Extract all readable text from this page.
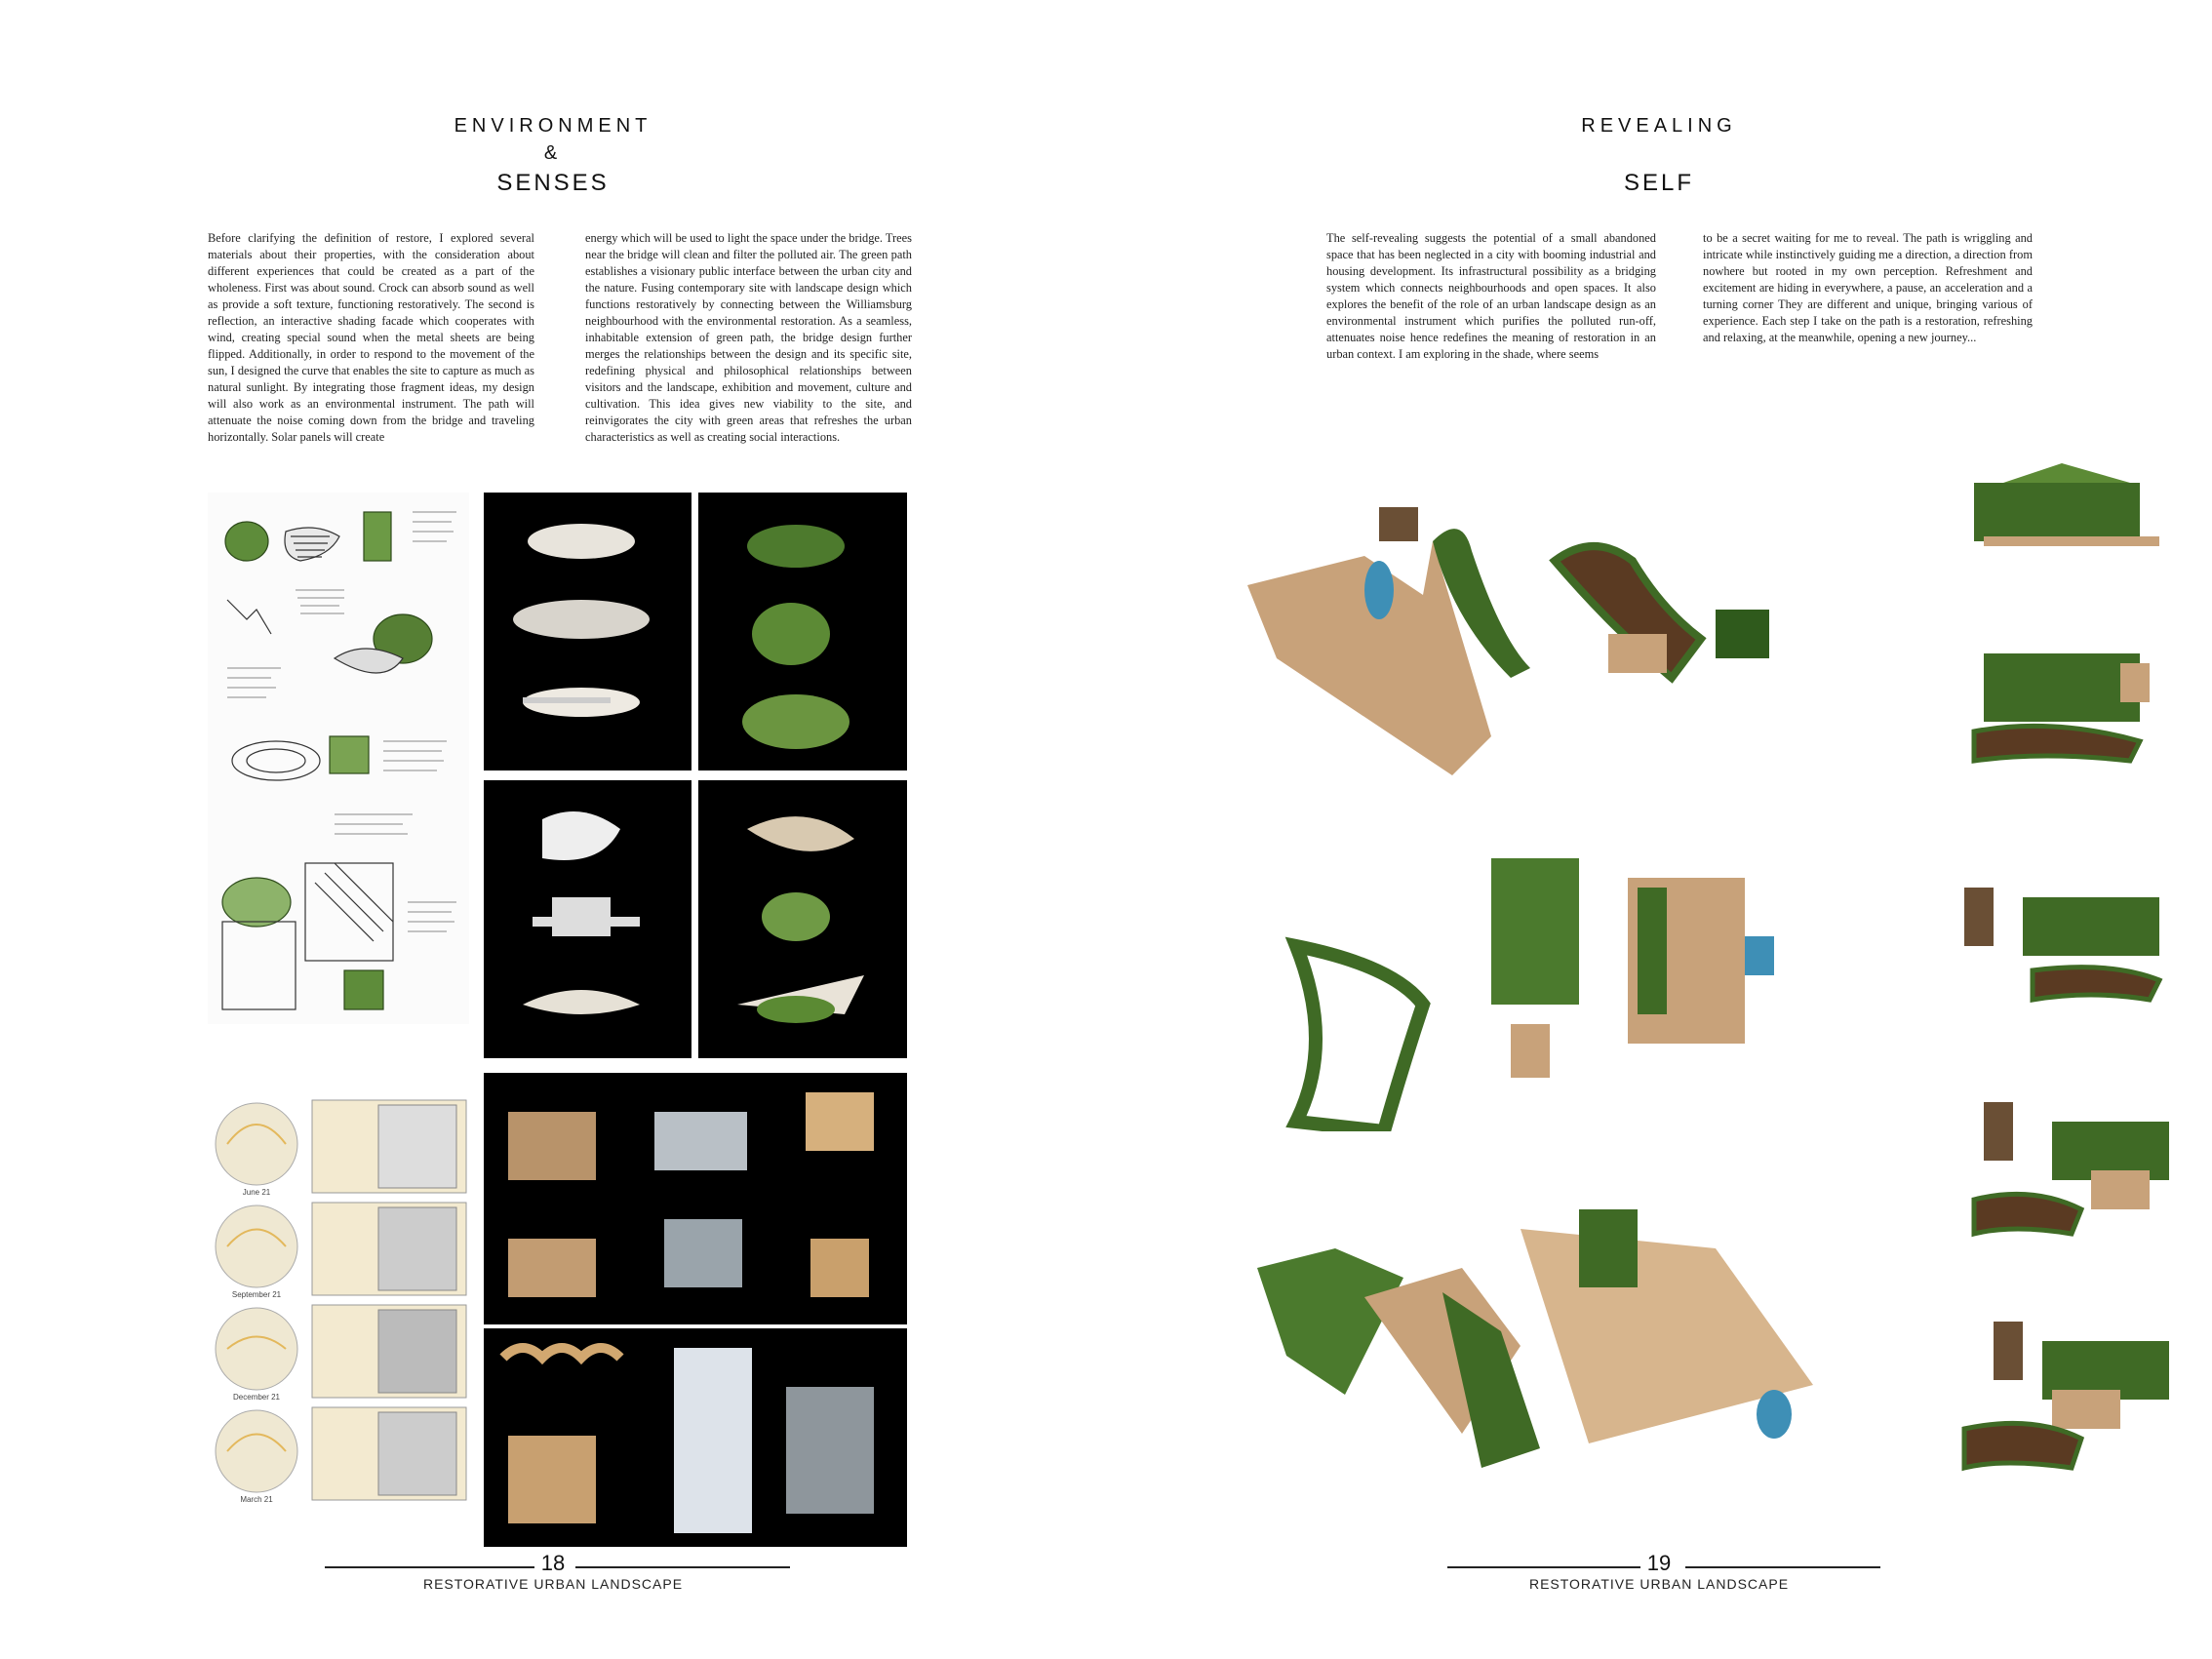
ENVIRONMENT
&
SENSES
Before clarifying the definition of restore, I explored several materials about their properties, with the consideration about different experiences that could be created as a part of the wholeness. First was about sound. Crock can absorb sound as well as provide a soft texture, functioning restoratively. The second is reflection, an interactive shading facade which cooperates with wind, creating special sound when the metal sheets are being flipped. Additionally, in order to respond to the movement of the sun, I designed the curve that enables the site to capture as much as natural sunlight. By integrating those fragment ideas, my design will also work as an environmental instrument. The path will attenuate the noise coming down from the bridge and traveling horizontally. Solar panels will create
energy which will be used to light the space under the bridge. Trees near the bridge will clean and filter the polluted air. The green path establishes a visionary public interface between the urban city and the nature. Fusing contemporary site with landscape design which functions restoratively by connecting between the Williamsburg neighbourhood with the environmental restoration. As a seamless, inhabitable extension of green path, the bridge design further merges the relationships between the design and its specific site, redefining physical and philosophical relationships between visitors and the landscape, exhibition and movement, culture and cultivation. This idea gives new viability to the site, and reinvigorates the city with green areas that refreshes the urban characteristics as well as creating social interactions.
June 21
September 21
December 21
March 21
18
RESTORATIVE URBAN LANDSCAPE
REVEALING
SELF
The self-revealing suggests the potential of a small abandoned space that has been neglected in a city with booming industrial and housing development. Its infrastructural possibility as a bridging system which connects neighbourhoods and open spaces. It also explores the benefit of the role of an urban landscape design as an environmental instrument which purifies the polluted run-off, attenuates noise hence redefines the meaning of restoration in an urban context. I am exploring in the shade, where seems
to be a secret waiting for me to reveal. The path is wriggling and intricate while instinctively guiding me a direction, a direction from nowhere but rooted in my own perception. Refreshment and excitement are hiding in everywhere, a pause, an acceleration and a turning corner They are different and unique, bringing various of experience. Each step I take on the path is a restoration, refreshing and relaxing, at the meanwhile, opening a new journey...
19
RESTORATIVE URBAN LANDSCAPE
